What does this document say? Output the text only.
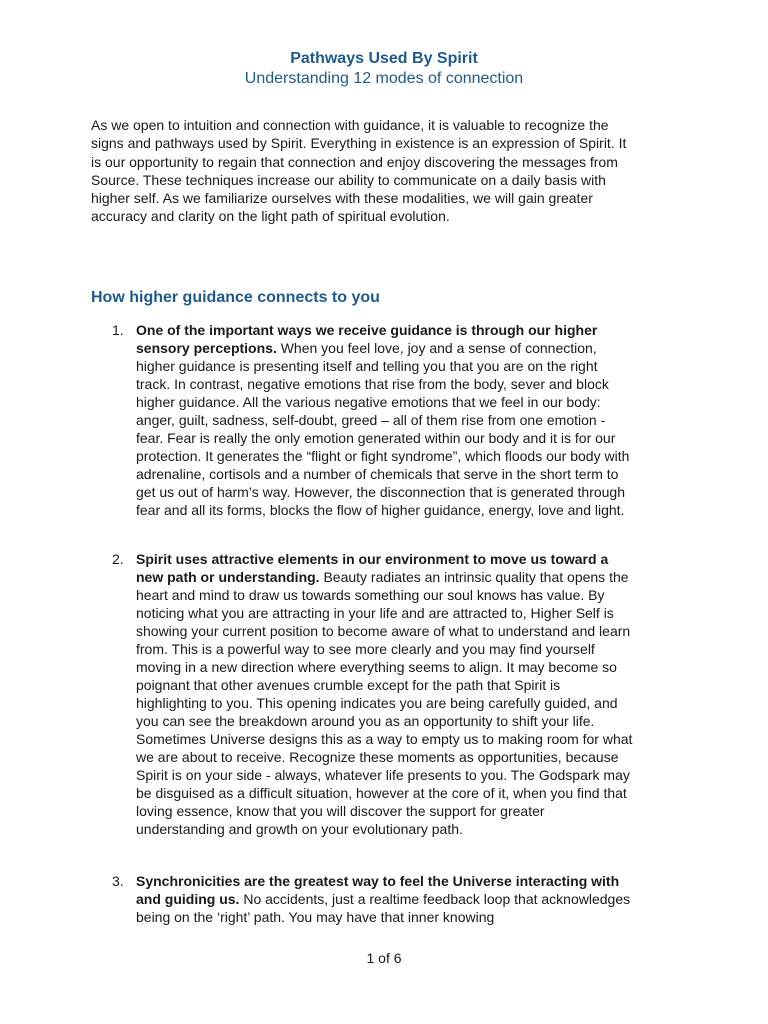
Pathways Used By Spirit
Understanding 12 modes of connection

As we open to intuition and connection with guidance, it is valuable to recognize the signs and pathways used by Spirit. Everything in existence is an expression of Spirit. It is our opportunity to regain that connection and enjoy discovering the messages from Source. These techniques increase our ability to communicate on a daily basis with higher self. As we familiarize ourselves with these modalities, we will gain greater accuracy and clarity on the light path of spiritual evolution.

How higher guidance connects to you
1. One of the important ways we receive guidance is through our higher sensory perceptions. When you feel love, joy and a sense of connection, higher guidance is presenting itself and telling you that you are on the right track. In contrast, negative emotions that rise from the body, sever and block higher guidance. All the various negative emotions that we feel in our body: anger, guilt, sadness, self-doubt, greed – all of them rise from one emotion - fear. Fear is really the only emotion generated within our body and it is for our protection. It generates the “flight or fight syndrome”, which floods our body with adrenaline, cortisols and a number of chemicals that serve in the short term to get us out of harm’s way. However, the disconnection that is generated through fear and all its forms, blocks the flow of higher guidance, energy, love and light.

2. Spirit uses attractive elements in our environment to move us toward a new path or understanding. Beauty radiates an intrinsic quality that opens the heart and mind to draw us towards something our soul knows has value. By noticing what you are attracting in your life and are attracted to, Higher Self is showing your current position to become aware of what to understand and learn from. This is a powerful way to see more clearly and you may find yourself moving in a new direction where everything seems to align. It may become so poignant that other avenues crumble except for the path that Spirit is highlighting to you. This opening indicates you are being carefully guided, and you can see the breakdown around you as an opportunity to shift your life. Sometimes Universe designs this as a way to empty us to making room for what we are about to receive. Recognize these moments as opportunities, because Spirit is on your side - always, whatever life presents to you. The Godspark may be disguised as a difficult situation, however at the core of it, when you find that loving essence, know that you will discover the support for greater understanding and growth on your evolutionary path.

3. Synchronicities are the greatest way to feel the Universe interacting with and guiding us. No accidents, just a realtime feedback loop that acknowledges being on the ‘right’ path. You may have that inner knowing

1 of 6
